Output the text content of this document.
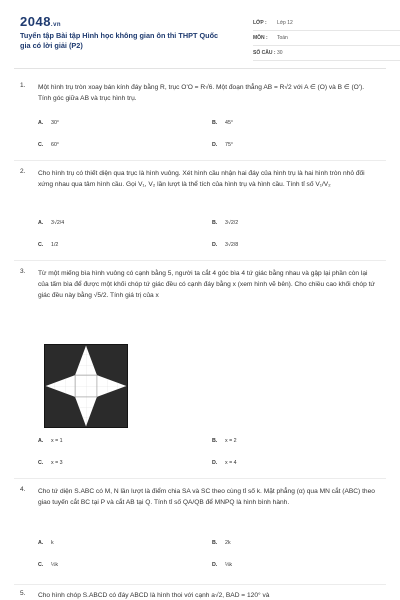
2048.vn
Tuyển tập Bài tập Hình học không gian ôn thi THPT Quốc gia có lời giải (P2)
LỚP :	Lớp 12
MÔN :	Toán
SỐ CÂU : 30
1. Một hình trụ tròn xoay bán kính đáy bằng R, trục O'O = R√6. Một đoạn thẳng AB = R√2 với A ∈ (O) và B ∈ (O'). Tính góc giữa AB và trục hình trụ.
A. 30°	B. 45°
C. 60°	D. 75°
2. Cho hình trụ có thiết diện qua trục là hình vuông. Xét hình cầu nhận hai đáy của hình trụ là hai hình tròn nhỏ đối xứng nhau qua tâm hình cầu. Gọi V₁, V₂ lần lượt là thể tích của hình trụ và hình cầu. Tính tỉ số V₁/V₂
A. 3√2/4	B. 3√2/2
C. 1/2	D. 3√2/8
3. Từ một miếng bìa hình vuông có cạnh bằng 5, người ta cắt 4 góc bìa 4 tứ giác bằng nhau và gập lại phần còn lại của tấm bìa để được một khối chóp tứ giác đều có cạnh đáy bằng x (xem hình vẽ bên). Cho chiều cao khối chóp tứ giác đều này bằng √5/2. Tính giá trị của x
A. x = 1	B. x = 2
C. x = 3	D. x = 4
4. Cho tứ diện S.ABC có M, N lần lượt là điểm chia SA và SC theo cùng tỉ số k. Mặt phẳng (α) qua MN cắt (ABC) theo giao tuyến cắt BC tại P và cắt AB tại Q. Tính tỉ số QA/QB để MNPQ là hình bình hành.
A. k	B. 2k
C. ½k	D. ⅓k
5. Cho hình chóp S.ABCD có đáy ABCD là hình thoi với cạnh a√2, BAD = 120° và
